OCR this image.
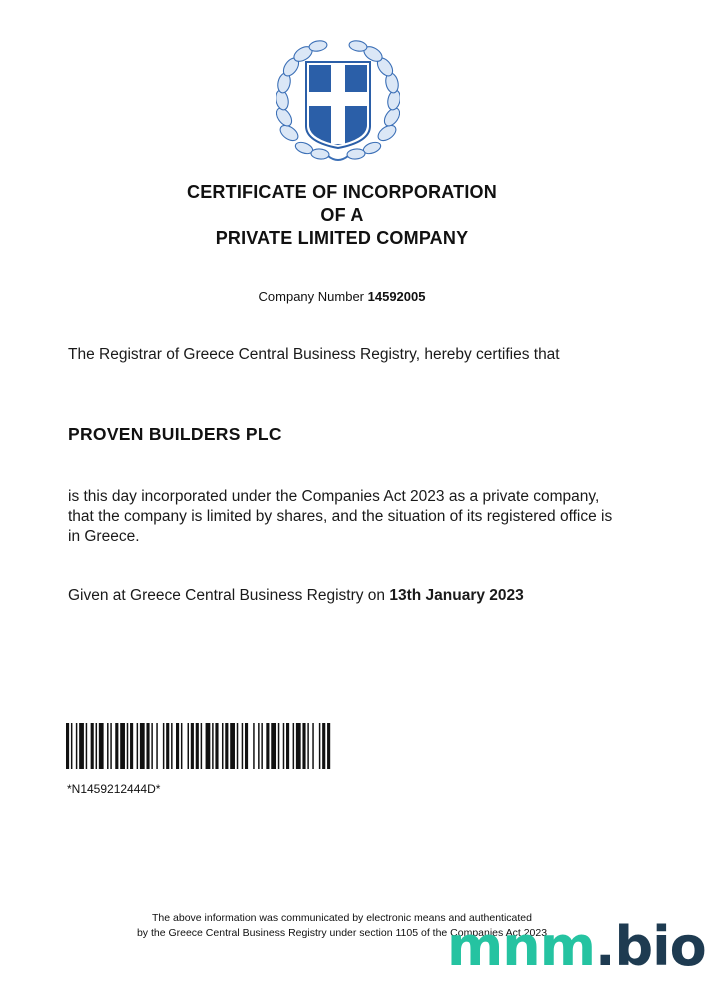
CERTIFICATE OF INCORPORATION
OF A
PRIVATE LIMITED COMPANY
Company Number 14592005
The Registrar of Greece Central Business Registry, hereby certifies that
PROVEN BUILDERS PLC
is this day incorporated under the Companies Act 2023 as a private company, that the company is limited by shares, and the situation of its registered office is in Greece.
Given at Greece Central Business Registry on 13th January 2023
*N1459212444D*
The above information was communicated by electronic means and authenticated
by the Greece Central Business Registry under section 1105 of the Companies Act 2023
mnm.bio
